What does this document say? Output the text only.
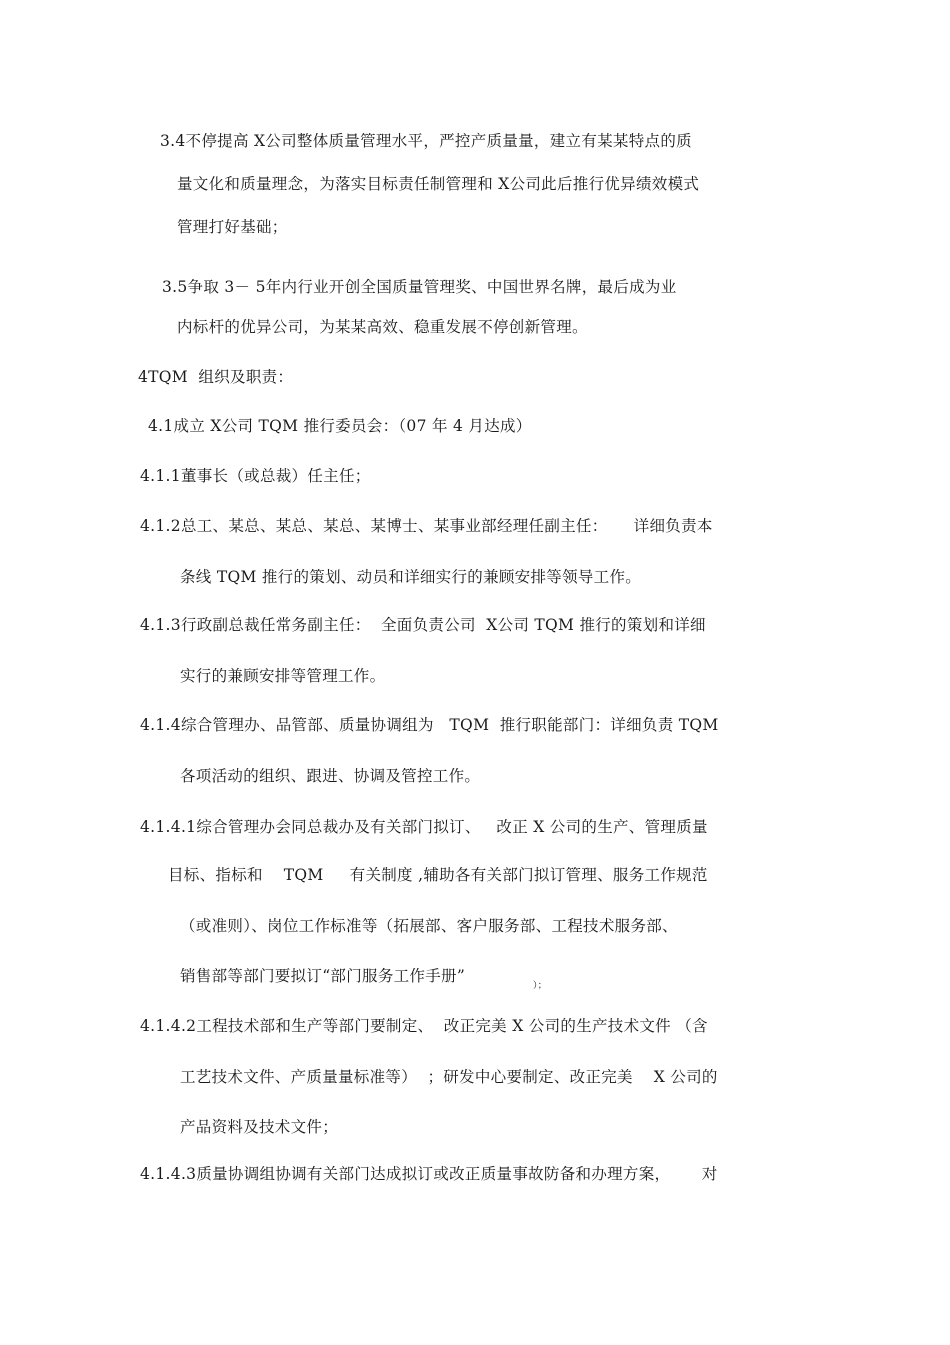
3.4不停提高 X公司整体质量管理水平，严控产质量量，建立有某某特点的质
量文化和质量理念，为落实目标责任制管理和 X公司此后推行优异绩效模式
管理打好基础；
3.5争取 3－ 5年内行业开创全国质量管理奖、中国世界名牌，最后成为业
内标杆的优异公司，为某某高效、稳重发展不停创新管理。
4TQM  组织及职责：
4.1成立 X公司 TQM 推行委员会：（07 年 4 月达成）
4.1.1董事长（或总裁）任主任；
4.1.2总工、某总、某总、某总、某博士、某事业部经理任副主任：     详细负责本
条线 TQM 推行的策划、动员和详细实行的兼顾安排等领导工作。
4.1.3行政副总裁任常务副主任：  全面负责公司  X公司 TQM 推行的策划和详细
实行的兼顾安排等管理工作。
4.1.4综合管理办、品管部、质量协调组为   TQM  推行职能部门：详细负责 TQM
各项活动的组织、跟进、协调及管控工作。
4.1.4.1综合管理办会同总裁办及有关部门拟订、   改正 X 公司的生产、管理质量
目标、指标和    TQM     有关制度 ,辅助各有关部门拟订管理、服务工作规范
（或准则）、岗位工作标准等（拓展部、客户服务部、工程技术服务部、
销售部等部门要拟订“部门服务工作手册”
）；
4.1.4.2工程技术部和生产等部门要制定、  改正完美 X 公司的生产技术文件 （含
工艺技术文件、产质量量标准等）  ；研发中心要制定、改正完美    X 公司的
产品资料及技术文件；
4.1.4.3质量协调组协调有关部门达成拟订或改正质量事故防备和办理方案，      对
